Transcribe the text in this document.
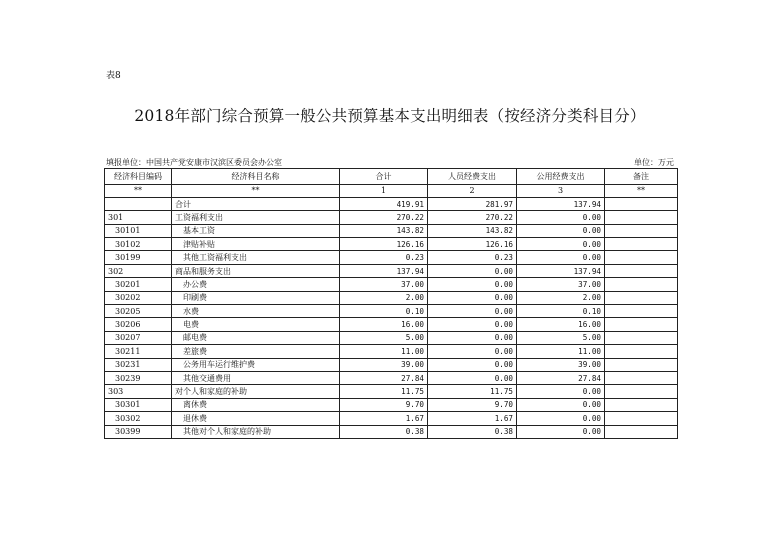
表8
2018年部门综合预算一般公共预算基本支出明细表（按经济分类科目分）
填报单位：中国共产党安康市汉滨区委员会办公室	单位：万元
经济科目编码	经济科目名称	合计	人员经费支出	公用经费支出	备注
**	**	1	2	3	**
	合计	419.91	281.97	137.94	
301	工资福利支出	270.22	270.22	0.00	
30101	基本工资	143.82	143.82	0.00	
30102	津贴补贴	126.16	126.16	0.00	
30199	其他工资福利支出	0.23	0.23	0.00	
302	商品和服务支出	137.94	0.00	137.94	
30201	办公费	37.00	0.00	37.00	
30202	印刷费	2.00	0.00	2.00	
30205	水费	0.10	0.00	0.10	
30206	电费	16.00	0.00	16.00	
30207	邮电费	5.00	0.00	5.00	
30211	差旅费	11.00	0.00	11.00	
30231	公务用车运行维护费	39.00	0.00	39.00	
30239	其他交通费用	27.84	0.00	27.84	
303	对个人和家庭的补助	11.75	11.75	0.00	
30301	离休费	9.70	9.70	0.00	
30302	退休费	1.67	1.67	0.00	
30399	其他对个人和家庭的补助	0.38	0.38	0.00	
